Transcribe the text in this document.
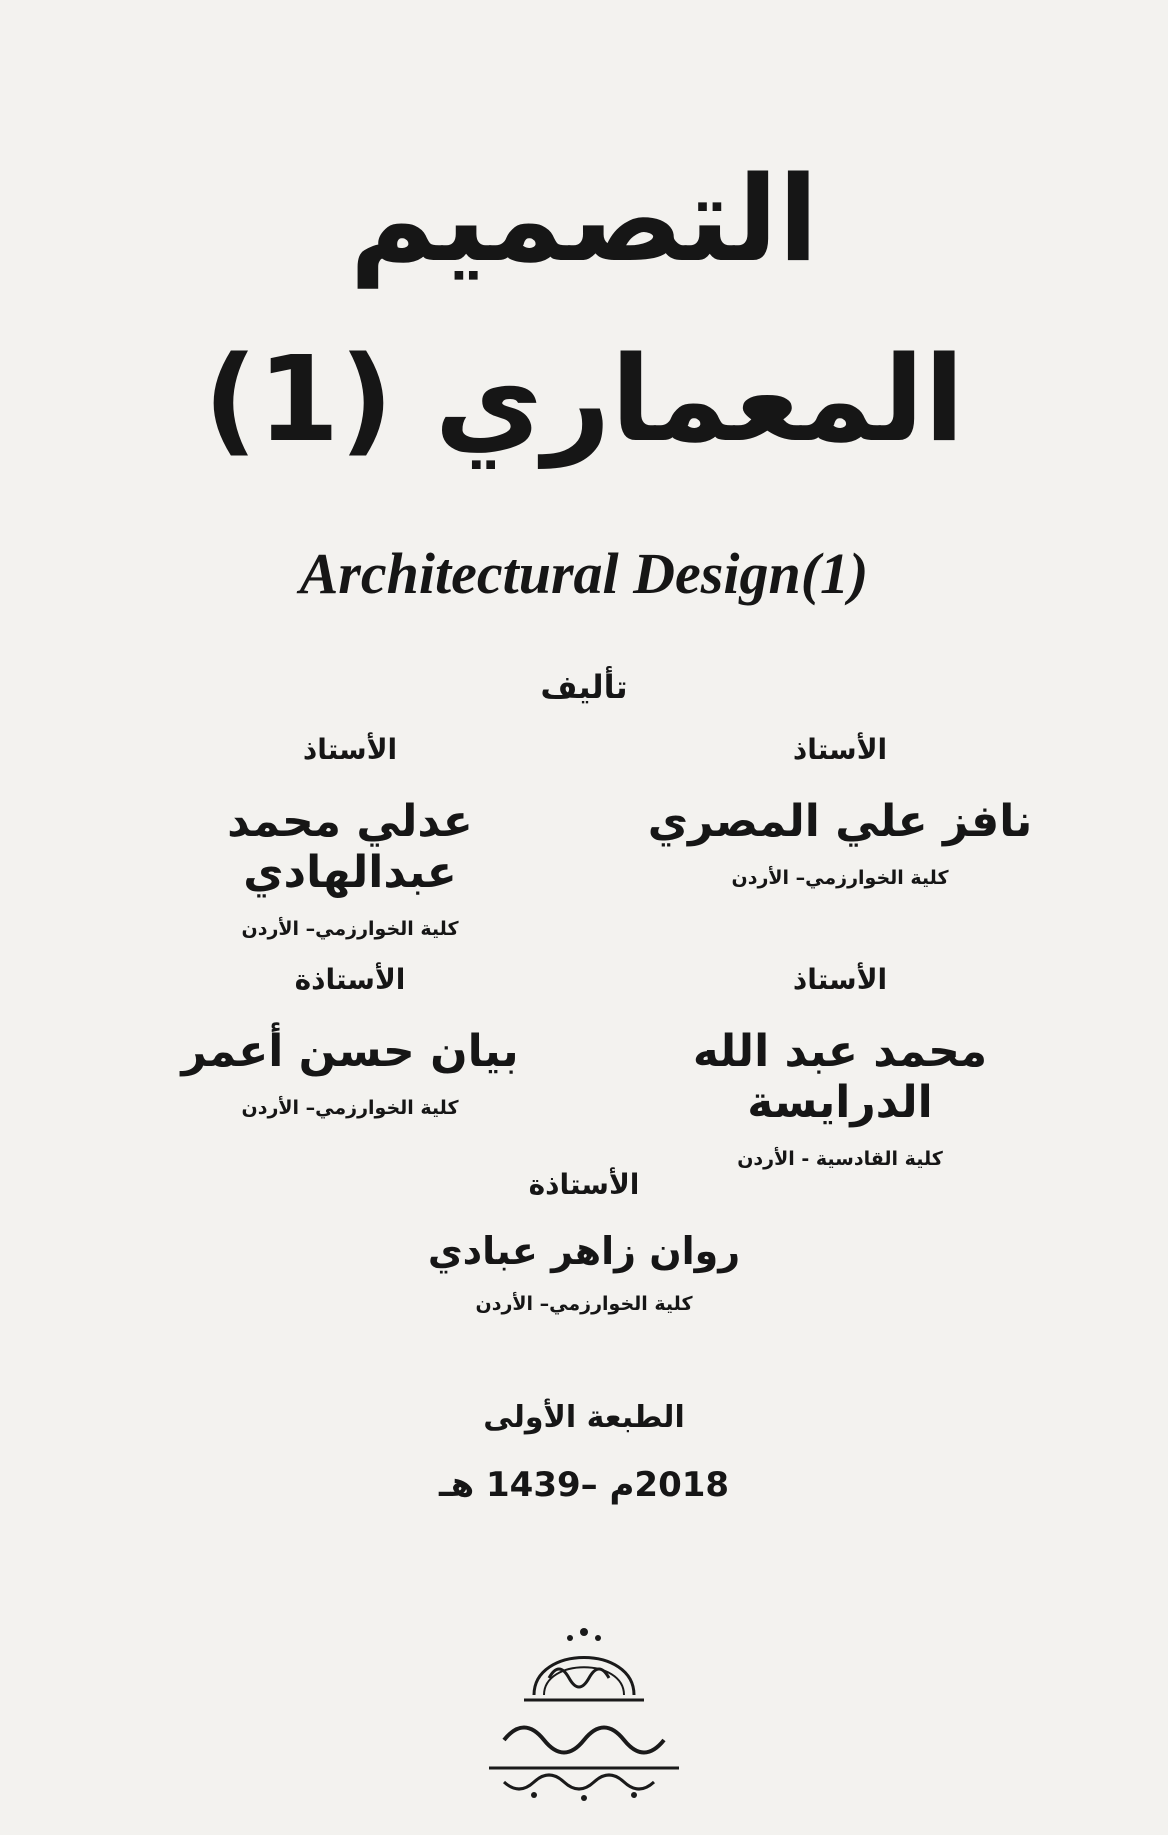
التصميم
المعماري (1)
Architectural Design(1)
تأليف
الأستاذ
نافز علي المصري
كلية الخوارزمي– الأردن
الأستاذ
عدلي محمد عبدالهادي
كلية الخوارزمي– الأردن
الأستاذ
محمد عبد الله الدرايسة
كلية القادسية - الأردن
الأستاذة
بيان حسن أعمر
كلية الخوارزمي– الأردن
الأستاذة
روان زاهر عبادي
كلية الخوارزمي– الأردن
الطبعة الأولى
2018م –1439 هـ
